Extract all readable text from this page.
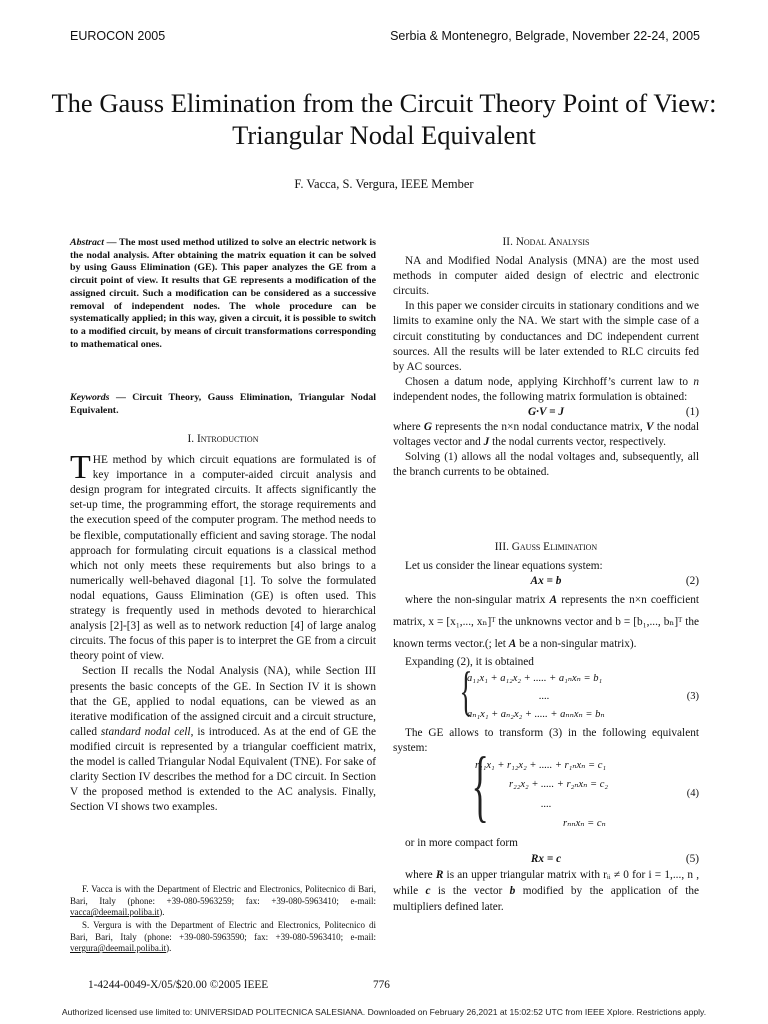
EUROCON 2005	Serbia & Montenegro, Belgrade, November 22-24, 2005
The Gauss Elimination from the Circuit Theory Point of View: Triangular Nodal Equivalent
F. Vacca, S. Vergura, IEEE Member
Abstract — The most used method utilized to solve an electric network is the nodal analysis. After obtaining the matrix equation it can be solved by using Gauss Elimination (GE). This paper analyzes the GE from a circuit point of view. It results that GE represents a modification of the assigned circuit. Such a modification can be considered as a successive removal of independent nodes. The whole procedure can be systematically applied; in this way, given a circuit, it is possible to switch to a modified circuit, by means of circuit transformations corresponding to mathematical ones.
Keywords — Circuit Theory, Gauss Elimination, Triangular Nodal Equivalent.
I. Introduction

THE method by which circuit equations are formulated is of key importance in a computer-aided circuit analysis and design program for integrated circuits. It affects significantly the set-up time, the programming effort, the storage requirements and the execution speed of the computer program. The method needs to be flexible, computationally efficient and saving storage. The nodal approach for formulating circuit equations is a classical method which not only meets these requirements but also brings to a numerically well-behaved diagonal [1]. To solve the formulated nodal equations, Gauss Elimination (GE) is often used. This strategy is frequently used in methods devoted to hierarchical analysis [2]-[3] as well as to network reduction [4] of large analog circuits. The focus of this paper is to interpret the GE from a circuit theory point of view.

Section II recalls the Nodal Analysis (NA), while Section III presents the basic concepts of the GE. In Section IV it is shown that the GE, applied to nodal equations, can be viewed as an iterative modification of the assigned circuit and a circuit structure, called standard nodal cell, is introduced. As at the end of GE the modified circuit is represented by a triangular coefficient matrix, the model is called Triangular Nodal Equivalent (TNE). For sake of clarity Section IV describes the method for a DC circuit. In Section V the proposed method is extended to the AC analysis. Finally, Section VI shows two examples.

F. Vacca is with the Department of Electric and Electronics, Politecnico di Bari, Bari, Italy (phone: +39-080-5963259; fax: +39-080-5963410; e-mail: vacca@deemail.poliba.it).
S. Vergura is with the Department of Electric and Electronics, Politecnico di Bari, Bari, Italy (phone: +39-080-5963590; fax: +39-080-5963410; e-mail: vergura@deemail.poliba.it).
II. Nodal Analysis

NA and Modified Nodal Analysis (MNA) are the most used methods in computer aided design of electric and electronic circuits.

In this paper we consider circuits in stationary conditions and we limits to examine only the NA. We start with the simple case of a circuit constituting by conductances and DC independent current sources. All the results will be later extended to RLC circuits fed by AC sources.

Chosen a datum node, applying Kirchhoff’s current law to n independent nodes, the following matrix formulation is obtained:

G·V = J	(1)

where G represents the n×n nodal conductance matrix, V the nodal voltages vector and J the nodal currents vector, respectively.

Solving (1) allows all the nodal voltages and, subsequently, all the branch currents to be obtained.

III. Gauss Elimination

Let us consider the linear equations system:

Ax = b	(2)

where the non-singular matrix A represents the n×n coefficient matrix, x = [x₁,..., xₙ]ᵀ the unknowns vector and b = [b₁,..., bₙ]ᵀ the known terms vector.(; let A be a non-singular matrix).

Expanding (2), it is obtained

{
a₁₁x₁ + a₁₂x₂ + ..... + a₁ₙxₙ = b₁
....
aₙ₁x₁ + aₙ₂x₂ + ..... + aₙₙxₙ = bₙ
(3)

The GE allows to transform (3) in the following equivalent system: {
r₁₁x₁ + r₁₂x₂ + ..... + r₁ₙxₙ = c₁
r₂₂x₂ + ..... + r₂ₙxₙ = c₂
....
rₙₙxₙ = cₙ
(4)

or in more compact form

Rx = c	(5)

where R is an upper triangular matrix with rᵢᵢ ≠ 0 for i = 1,..., n , while c is the vector b modified by the application of the multipliers defined later.

1-4244-0049-X/05/$20.00 ©2005 IEEE	776
Authorized licensed use limited to: UNIVERSIDAD POLITECNICA SALESIANA. Downloaded on February 26,2021 at 15:02:52 UTC from IEEE Xplore. Restrictions apply.
